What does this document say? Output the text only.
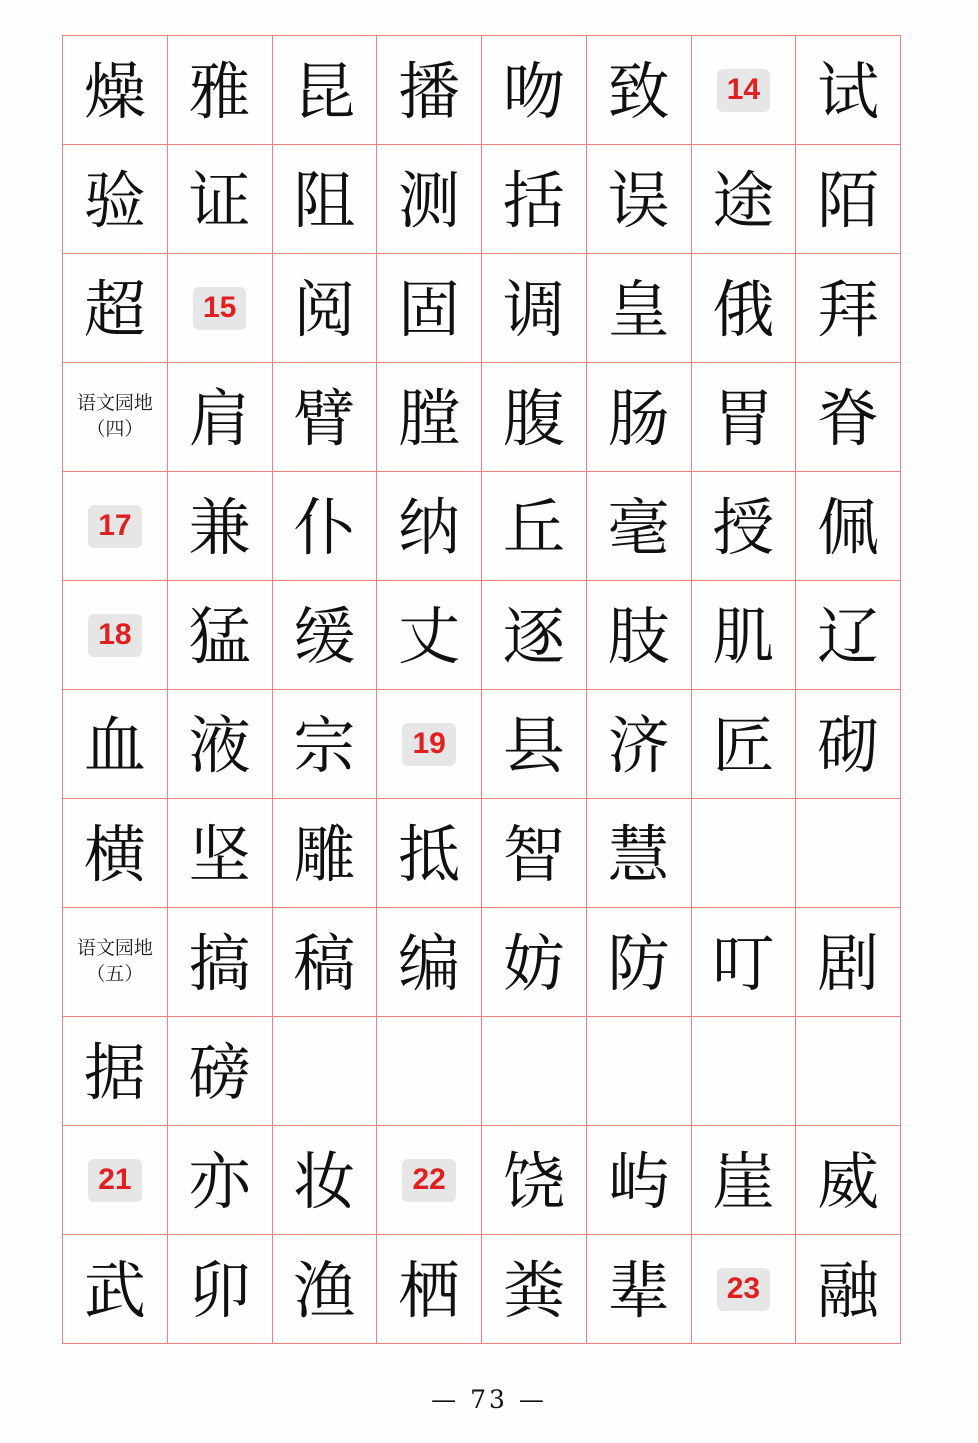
燥	雅	昆	播	吻	致	14	试
验	证	阻	测	括	误	途	陌
超	15	阅	固	调	皇	俄	拜

语文园地
（四）	肩	臂	膛	腹	肠	胃	脊
17	兼	仆	纳	丘	毫	授	佩
18	猛	缓	丈	逐	肢	肌	辽
血	液	宗	19	县	济	匠	砌
横	坚	雕	抵	智	慧		

语文园地
（五）	搞	稿	编	妨	防	叮	剧
据	磅						
21	亦	妆	22	饶	屿	崖	威
武	卯	渔	栖	粪	辈	23	融
— 73 —
